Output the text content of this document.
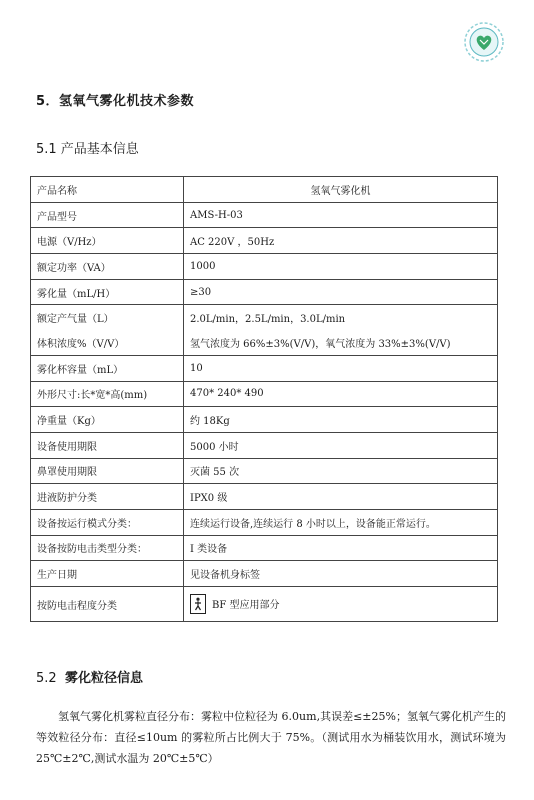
5．氢氧气雾化机技术参数
5.1 产品基本信息
产品名称	氢氧气雾化机
产品型号	AMS-H-03
电源（V/Hz）	AC 220V ，50Hz
额定功率（VA）	1000
雾化量（mL/H）	≥30
额定产气量（L）	2.0L/min，2.5L/min，3.0L/min
体积浓度%（V/V）	氢气浓度为 66%±3%(V/V)，氧气浓度为 33%±3%(V/V)
雾化杯容量（mL）	10
外形尺寸:长*宽*高(mm)	470* 240* 490
净重量（Kg）	约 18Kg
设备使用期限	5000 小时
鼻罩使用期限	灭菌 55 次
进液防护分类	IPX0 级
设备按运行模式分类：	连续运行设备,连续运行 8 小时以上，设备能正常运行。
设备按防电击类型分类：	I 类设备
生产日期	见设备机身标签
按防电击程度分类	BF 型应用部分
5.2 雾化粒径信息

氢氧气雾化机雾粒直径分布：雾粒中位粒径为 6.0um,其误差≤±25%；氢氧气雾化机产生的等效粒径分布：直径≤10um 的雾粒所占比例大于 75%。（测试用水为桶装饮用水，测试环境为 25℃±2℃,测试水温为 20℃±5℃）
